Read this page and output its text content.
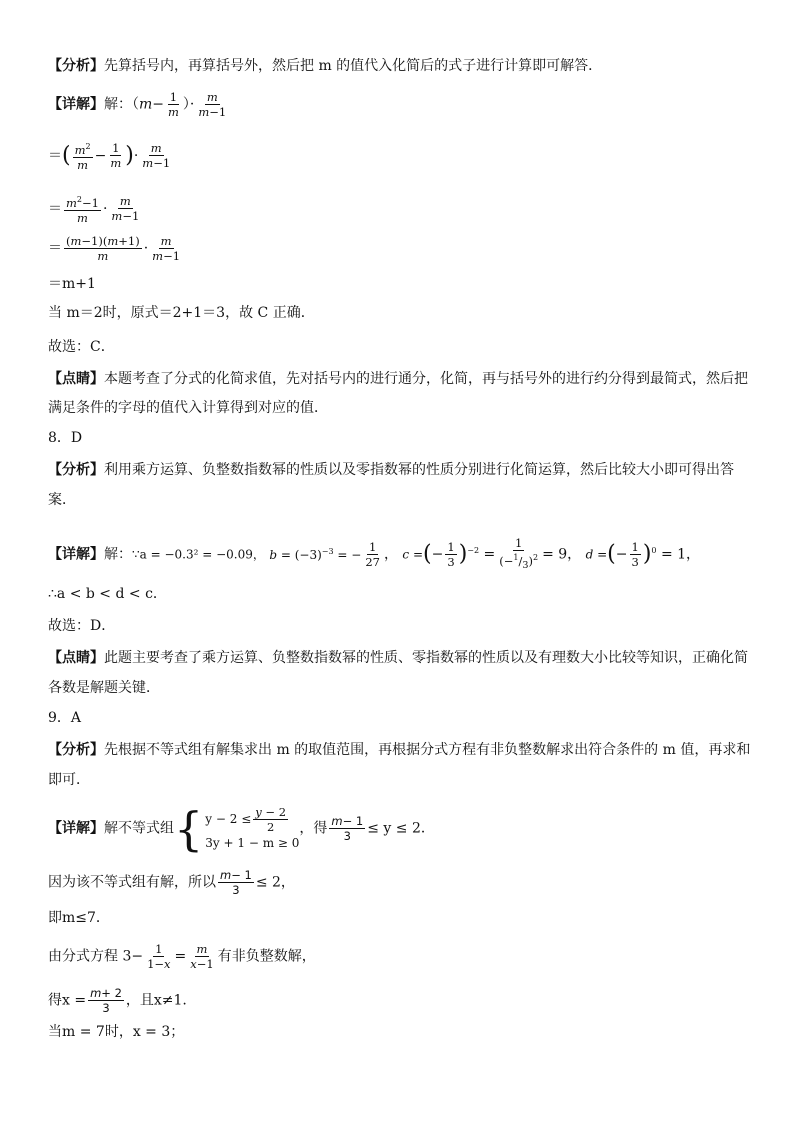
【分析】先算括号内，再算括号外，然后把 m 的值代入化简后的式子进行计算即可解答．
【详解】解：（$m- \frac{1}{m}$ ）· $\frac{m}{m-1}$
＝( $\frac{m^2}{m} - \frac{1}{m}$ )· $\frac{m}{m-1}$
＝ $\frac{m^2-1}{m} \cdot \frac{m}{m-1}$
＝ $\frac{(m-1)(m+1)}{m} \cdot \frac{m}{m-1}$
＝m+1
当 m＝2时，原式＝2+1＝3，故 C 正确．
故选：C．
【点睛】本题考查了分式的化简求值，先对括号内的进行通分，化简，再与括号外的进行约分得到最简式，然后把
满足条件的字母的值代入计算得到对应的值．
8．D
【分析】利用乘方运算、负整数指数幂的性质以及零指数幂的性质分别进行化简运算，然后比较大小即可得出答
案．
【详解】解：∵a = −0.3² = −0.09， $b = (-3)^{-3}$ = − $\frac{1}{27}$ ， c =(− $\frac{1}{3} )^{-2} = \frac{1}{(-^1/_3)^2} = 9$， d =(− $\frac{1}{3} )^0 = 1$，
∴a < b < d < c．
故选：D．
【点睛】此题主要考查了乘方运算、负整数指数幂的性质、零指数幂的性质以及有理数大小比较等知识，正确化简
各数是解题关键．
9．A
【分析】先根据不等式组有解集求出 m 的取值范围，再根据分式方程有非负整数解求出符合条件的 m 值，再求和
即可．
【详解】解不等式组 { $y - 2 \le \frac{y - 2}{2}$
3y + 1 − m ≥ 0
，得 $\frac{m- 1}{3} \le y \le 2$．
因为该不等式组有解，所以 $\frac{m- 1}{3} \le 2$，
即m≤7．
由分式方程 $3- \frac{1}{1-x} = \frac{m}{x-1}$ 有非负整数解，
得$x = \frac{m+ 2}{3}$ ，且x≠1.
当m = 7时，x = 3；
